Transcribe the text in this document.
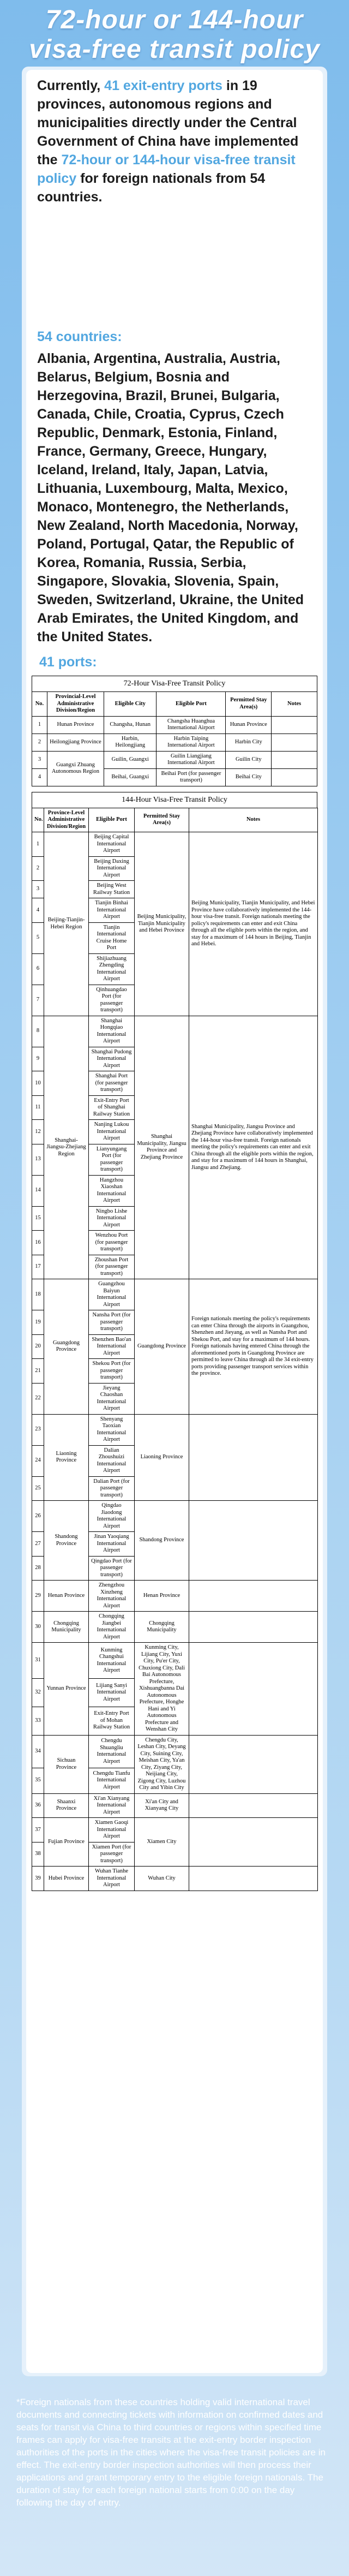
72-hour or 144-hour

visa-free transit policy

Currently, 41 exit-entry ports in 19 provinces, autonomous regions and municipalities directly under the Central Government of China have implemented the 72-hour or 144-hour visa-free transit policy for foreign nationals from 54 countries.
54 countries:
Albania, Argentina, Australia, Austria, Belarus, Belgium, Bosnia and Herzegovina, Brazil, Brunei, Bulgaria, Canada, Chile, Croatia, Cyprus, Czech Republic, Denmark, Estonia, Finland, France, Germany, Greece, Hungary, Iceland, Ireland, Italy, Japan, Latvia, Lithuania, Luxembourg, Malta, Mexico, Monaco, Montenegro, the Netherlands, New Zealand, North Macedonia, Norway, Poland, Portugal, Qatar, the Republic of Korea, Romania, Russia, Serbia, Singapore, Slovakia, Slovenia, Spain, Sweden, Switzerland, Ukraine, the United Arab Emirates, the United Kingdom, and the United States.
41 ports:
72-Hour Visa-Free Transit Policy
No.	Provincial-Level Administrative Division/Region	Eligible City	Eligible Port	Permitted Stay Area(s)	Notes
1	Hunan Province	Changsha, Hunan	Changsha Huanghua International Airport	Hunan Province	
2	Heilongjiang Province	Harbin, Heilongjiang	Harbin Taiping International Airport	Harbin City	
3	Guangxi Zhuang Autonomous Region	Guilin, Guangxi	Guilin Liangjiang International Airport	Guilin City	
4		Beihai, Guangxi	Beihai Port (for passenger transport)	Beihai City	
144-Hour Visa-Free Transit Policy
No.	Province-Level Administrative Division/Region	Eligible Port	Permitted Stay Area(s)	Notes
1	Beijing-Tianjin-Hebei Region	Beijing Capital International Airport	Beijing Municipality, Tianjin Municipality and Hebei Province	Beijing Municipality, Tianjin Municipality, and Hebei Province have collaboratively implemented the 144-hour visa-free transit. Foreign nationals meeting the policy's requirements can enter and exit China through all the eligible ports within the region, and stay for a maximum of 144 hours in Beijing, Tianjin and Hebei.
2		Beijing Daxing International Airport		
3		Beijing West Railway Station		
4		Tianjin Binhai International Airport		
5		Tianjin International Cruise Home Port		
6		Shijiazhuang Zhengding International Airport		
7		Qinhuangdao Port (for passenger transport)		
8	Shanghai-Jiangsu-Zhejiang Region	Shanghai Hongqiao International Airport	Shanghai Municipality, Jiangsu Province and Zhejiang Province	Shanghai Municipality, Jiangsu Province and Zhejiang Province have collaboratively implemented the 144-hour visa-free transit. Foreign nationals meeting the policy's requirements can enter and exit China through all the eligible ports within the region, and stay for a maximum of 144 hours in Shanghai, Jiangsu and Zhejiang.
9		Shanghai Pudong International Airport		
10		Shanghai Port (for passenger transport)		
11		Exit-Entry Port of Shanghai Railway Station		
12		Nanjing Lukou International Airport		
13		Lianyungang Port (for passenger transport)		
14		Hangzhou Xiaoshan International Airport		
15		Ningbo Lishe International Airport		
16		Wenzhou Port (for passenger transport)		
17		Zhoushan Port (for passenger transport)		
18	Guangdong Province	Guangzhou Baiyun International Airport	Guangdong Province	Foreign nationals meeting the policy's requirements can enter China through the airports in Guangzhou, Shenzhen and Jieyang, as well as Nansha Port and Shekou Port, and stay for a maximum of 144 hours. Foreign nationals having entered China through the aforementioned ports in Guangdong Province are permitted to leave China through all the 34 exit-entry ports providing passenger transport services within the province.
19		Nansha Port (for passenger transport)		
20		Shenzhen Bao'an International Airport		
21		Shekou Port (for passenger transport)		
22		Jieyang Chaoshan International Airport		
23	Liaoning Province	Shenyang Taoxian International Airport	Liaoning Province	
24		Dalian Zhoushuizi International Airport		
25		Dalian Port (for passenger transport)		
26	Shandong Province	Qingdao Jiaodong International Airport	Shandong Province	
27		Jinan Yaoqiang International Airport		
28		Qingdao Port (for passenger transport)		
29	Henan Province	Zhengzhou Xinzheng International Airport	Henan Province	
30	Chongqing Municipality	Chongqing Jiangbei International Airport	Chongqing Municipality	
31	Yunnan Province	Kunming Changshui International Airport	Kunming City, Lijiang City, Yuxi City, Pu'er City, Chuxiong City, Dali Bai Autonomous Prefecture, Xishuangbanna Dai Autonomous Prefecture, Honghe Hani and Yi Autonomous Prefecture and Wenshan City	
32		Lijiang Sanyi International Airport		
33		Exit-Entry Port of Mohan Railway Station		
34	Sichuan Province	Chengdu Shuangliu International Airport	Chengdu City, Leshan City, Deyang City, Suining City, Meishan City, Ya'an City, Ziyang City, Neijiang City, Zigong City, Luzhou City and Yibin City	
35		Chengdu Tianfu International Airport		
36	Shaanxi Province	Xi'an Xianyang International Airport	Xi'an City and Xianyang City	
37	Fujian Province	Xiamen Gaoqi International Airport	Xiamen City	
38		Xiamen Port (for passenger transport)		
39	Hubei Province	Wuhan Tianhe International Airport	Wuhan City	
*Foreign nationals from these countries holding valid international travel documents and connecting tickets with information on confirmed dates and seats for transit via China to third countries or regions within specified time frames can apply for visa-free transits at the exit-entry border inspection authorities of the ports in the cities where the visa-free transit policies are in effect. The exit-entry border inspection authorities will then process their applications and grant temporary entry to the eligible foreign nationals. The duration of stay for each foreign national starts from 0:00 on the day following the day of entry.
